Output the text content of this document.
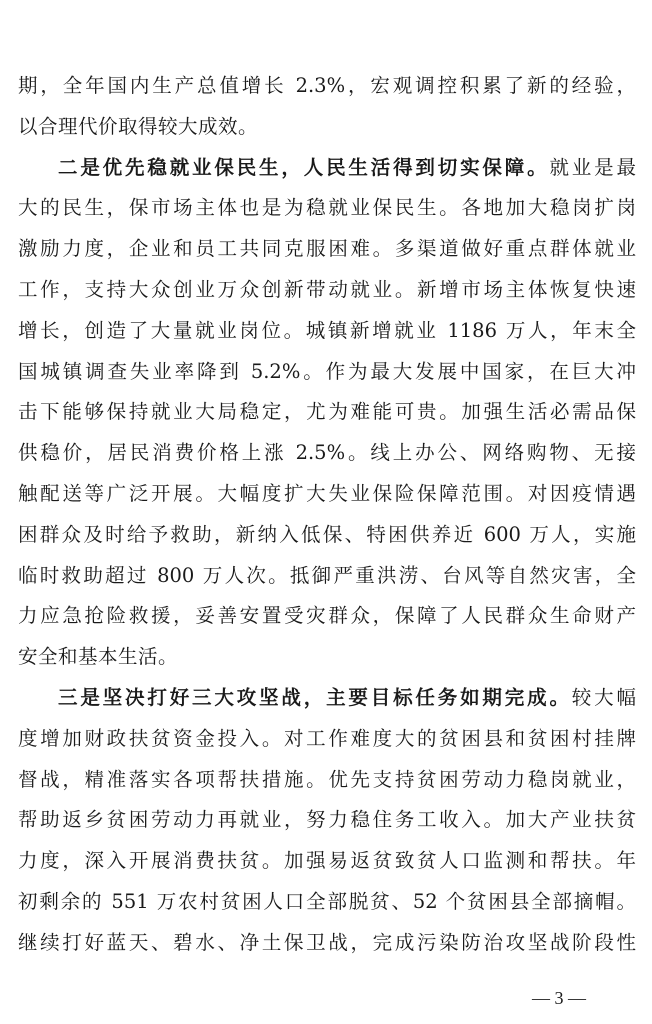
期，全年国内生产总值增长 2.3%，宏观调控积累了新的经验，
以合理代价取得较大成效。
二是优先稳就业保民生，人民生活得到切实保障。就业是最
大的民生，保市场主体也是为稳就业保民生。各地加大稳岗扩岗
激励力度，企业和员工共同克服困难。多渠道做好重点群体就业
工作，支持大众创业万众创新带动就业。新增市场主体恢复快速
增长，创造了大量就业岗位。城镇新增就业 1186 万人，年末全
国城镇调查失业率降到 5.2%。作为最大发展中国家，在巨大冲
击下能够保持就业大局稳定，尤为难能可贵。加强生活必需品保
供稳价，居民消费价格上涨 2.5%。线上办公、网络购物、无接
触配送等广泛开展。大幅度扩大失业保险保障范围。对因疫情遇
困群众及时给予救助，新纳入低保、特困供养近 600 万人，实施
临时救助超过 800 万人次。抵御严重洪涝、台风等自然灾害，全
力应急抢险救援，妥善安置受灾群众，保障了人民群众生命财产
安全和基本生活。
三是坚决打好三大攻坚战，主要目标任务如期完成。较大幅
度增加财政扶贫资金投入。对工作难度大的贫困县和贫困村挂牌
督战，精准落实各项帮扶措施。优先支持贫困劳动力稳岗就业，
帮助返乡贫困劳动力再就业，努力稳住务工收入。加大产业扶贫
力度，深入开展消费扶贫。加强易返贫致贫人口监测和帮扶。年
初剩余的 551 万农村贫困人口全部脱贫、52 个贫困县全部摘帽。
继续打好蓝天、碧水、净土保卫战，完成污染防治攻坚战阶段性
— 3 —
